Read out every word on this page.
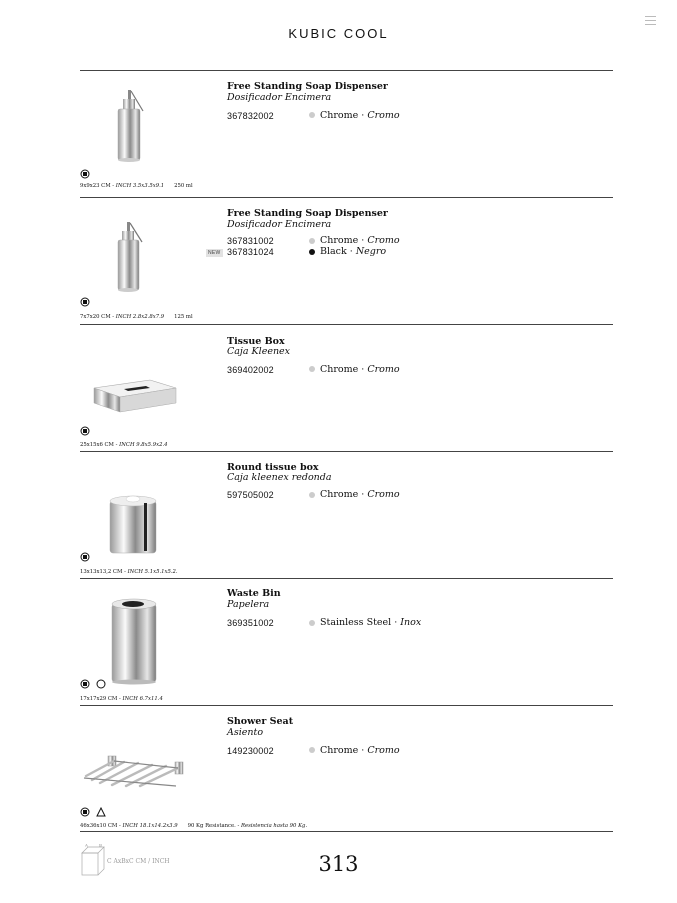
KUBIC COOL
Free Standing Soap Dispenser
Dosificador Encimera
367832002	Chrome · Cromo
9x9x23 CM - INCH 3.5x3.5x9.1 250 ml
Free Standing Soap Dispenser
Dosificador Encimera
367831002	Chrome · Cromo
NEW 367831024	Black · Negro
7x7x20 CM - INCH 2.8x2.8x7.9 125 ml
Tissue Box
Caja Kleenex
369402002	Chrome · Cromo
25x15x6 CM - INCH 9.8x5.9x2.4
Round tissue box
Caja kleenex redonda
597505002	Chrome · Cromo
13x13x13,2 CM - INCH 5.1x5.1x5.2.
Waste Bin
Papelera
369351002	Stainless Steel · Inox

17x17x29 CM - INCH 6.7x11.4
Shower Seat
Asiento
149230002	Chrome · Cromo

46x36x10 CM - INCH 18.1x14.2x3.9 90 Kg Resistance. - Resistencia hasta 90 Kg.
A	B
C AxBxC CM / INCH	313
